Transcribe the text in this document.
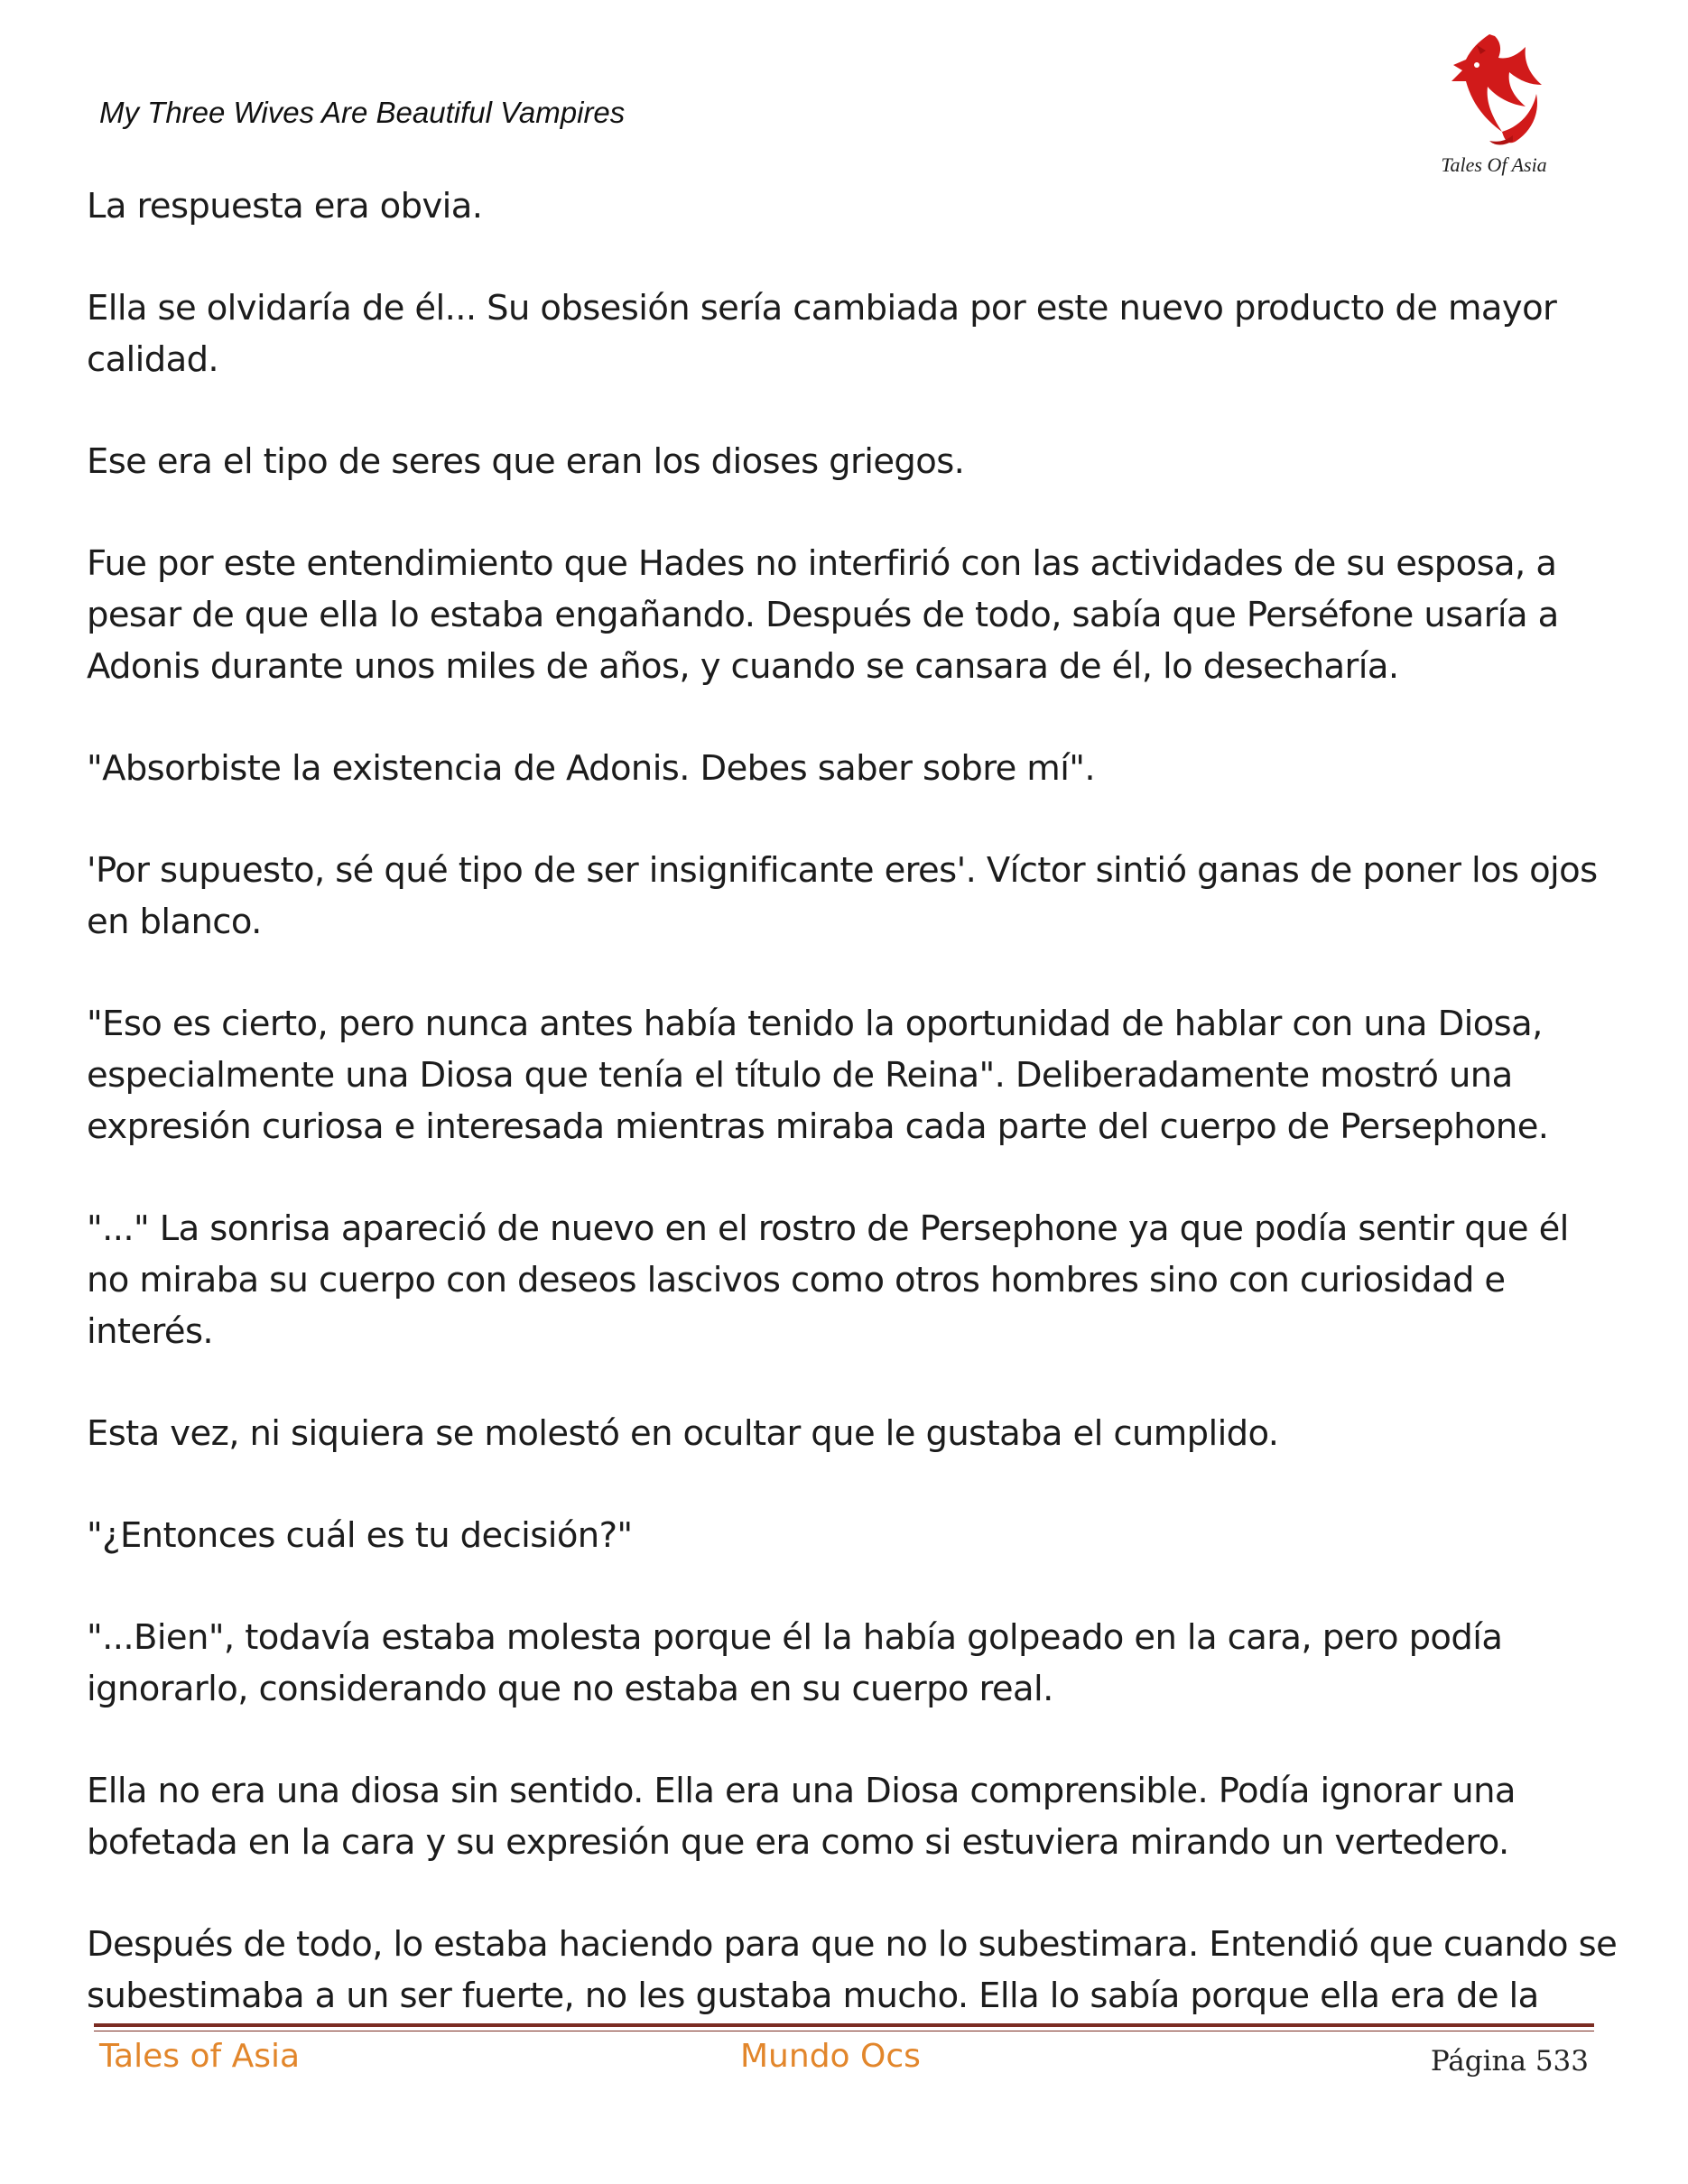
My Three Wives Are Beautiful Vampires
Tales Of Asia

La respuesta era obvia.

Ella se olvidaría de él... Su obsesión sería cambiada por este nuevo producto de mayor calidad.

Ese era el tipo de seres que eran los dioses griegos.

Fue por este entendimiento que Hades no interfirió con las actividades de su esposa, a pesar de que ella lo estaba engañando. Después de todo, sabía que Perséfone usaría a Adonis durante unos miles de años, y cuando se cansara de él, lo desecharía.

"Absorbiste la existencia de Adonis. Debes saber sobre mí".

'Por supuesto, sé qué tipo de ser insignificante eres'. Víctor sintió ganas de poner los ojos en blanco.

"Eso es cierto, pero nunca antes había tenido la oportunidad de hablar con una Diosa, especialmente una Diosa que tenía el título de Reina". Deliberadamente mostró una expresión curiosa e interesada mientras miraba cada parte del cuerpo de Persephone.

"..." La sonrisa apareció de nuevo en el rostro de Persephone ya que podía sentir que él no miraba su cuerpo con deseos lascivos como otros hombres sino con curiosidad e interés.

Esta vez, ni siquiera se molestó en ocultar que le gustaba el cumplido.

"¿Entonces cuál es tu decisión?"

"...Bien", todavía estaba molesta porque él la había golpeado en la cara, pero podía ignorarlo, considerando que no estaba en su cuerpo real.

Ella no era una diosa sin sentido. Ella era una Diosa comprensible. Podía ignorar una bofetada en la cara y su expresión que era como si estuviera mirando un vertedero.

Después de todo, lo estaba haciendo para que no lo subestimara. Entendió que cuando se subestimaba a un ser fuerte, no les gustaba mucho. Ella lo sabía porque ella era de la

Tales of Asia	Mundo Ocs	Página 533
